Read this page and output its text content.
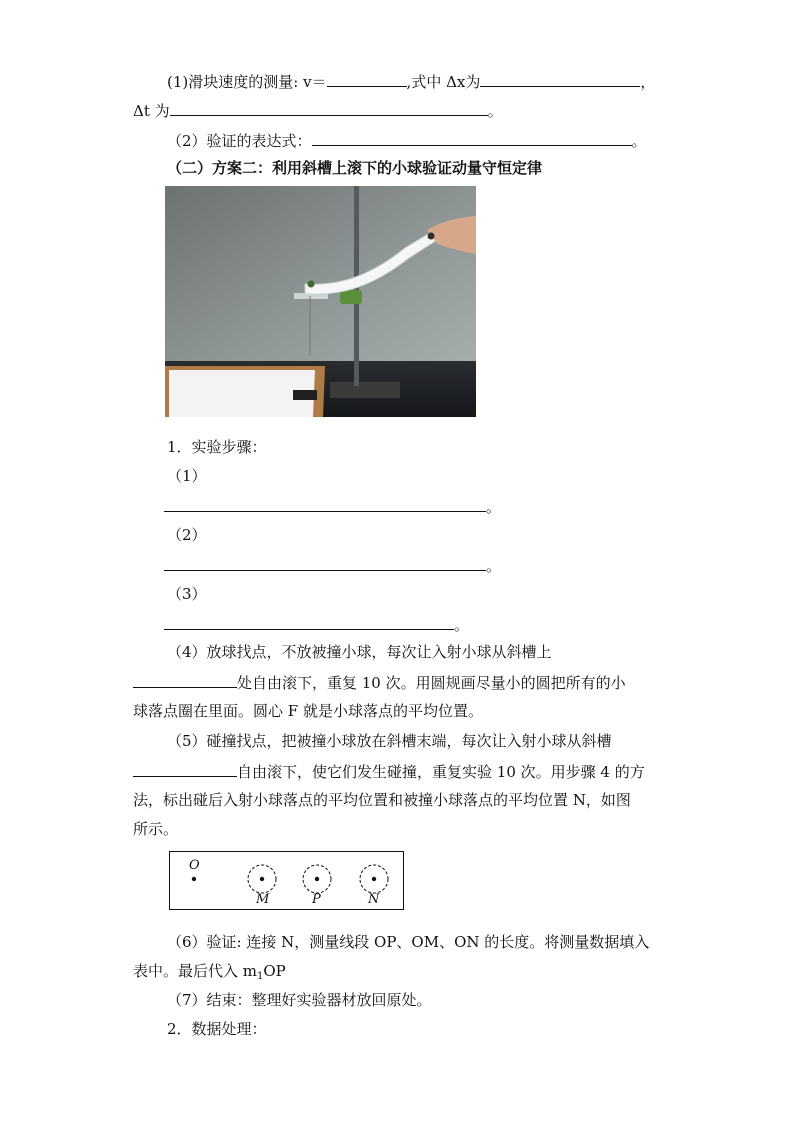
(1)滑块速度的测量: v＝	,式中 Δx为	，
Δt 为	。
（2）验证的表达式：	。
（二）方案二：利用斜槽上滚下的小球验证动量守恒定律
1．实验步骤：
（1）
。
（2）
。
（3）
。
（4）放球找点，不放被撞小球，每次让入射小球从斜槽上
处自由滚下，重复 10 次。用圆规画尽量小的圆把所有的小
球落点圈在里面。圆心 F 就是小球落点的平均位置。
（5）碰撞找点，把被撞小球放在斜槽末端，每次让入射小球从斜槽
自由滚下，使它们发生碰撞，重复实验 10 次。用步骤 4 的方
法，标出碰后入射小球落点的平均位置和被撞小球落点的平均位置 N，如图
所示。
O
M	P	N
（6）验证: 连接 N，测量线段 OP、OM、ON 的长度。将测量数据填入
表中。最后代入 $m_1OP$
（7）结束：整理好实验器材放回原处。
2．数据处理：
